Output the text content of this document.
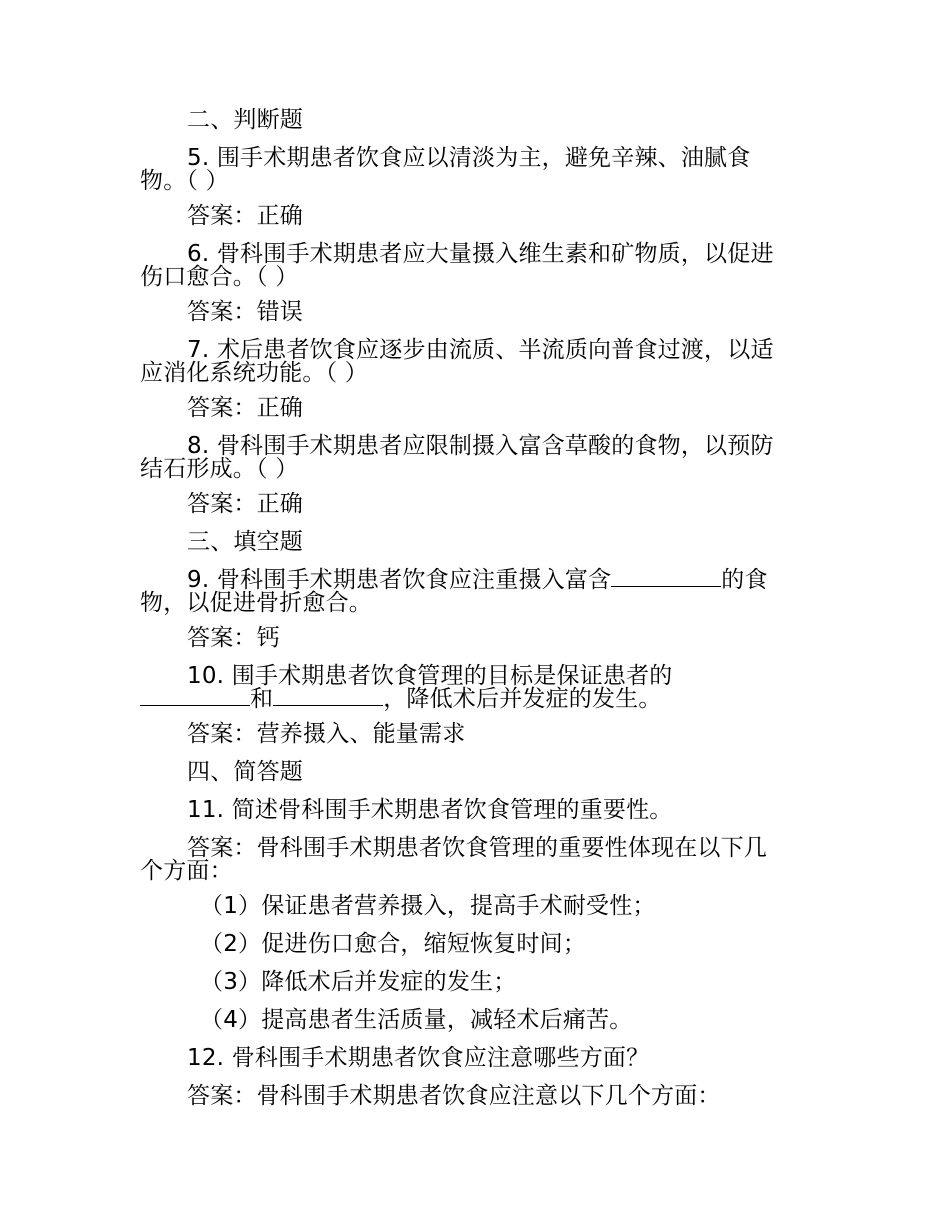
二、判断题
5. 围手术期患者饮食应以清淡为主，避免辛辣、油腻食
物。（ ）
答案：正确
6. 骨科围手术期患者应大量摄入维生素和矿物质，以促进
伤口愈合。（ ）
答案：错误
7. 术后患者饮食应逐步由流质、半流质向普食过渡，以适
应消化系统功能。（ ）
答案：正确
8. 骨科围手术期患者应限制摄入富含草酸的食物，以预防
结石形成。（ ）
答案：正确
三、填空题
9. 骨科围手术期患者饮食应注重摄入富含	的食
物，以促进骨折愈合。
答案：钙
10. 围手术期患者饮食管理的目标是保证患者的
和	，降低术后并发症的发生。
答案：营养摄入、能量需求
四、简答题
11. 简述骨科围手术期患者饮食管理的重要性。
答案：骨科围手术期患者饮食管理的重要性体现在以下几
个方面：
（1）保证患者营养摄入，提高手术耐受性；
（2）促进伤口愈合，缩短恢复时间；
（3）降低术后并发症的发生；
（4）提高患者生活质量，减轻术后痛苦。
12. 骨科围手术期患者饮食应注意哪些方面？
答案：骨科围手术期患者饮食应注意以下几个方面：
